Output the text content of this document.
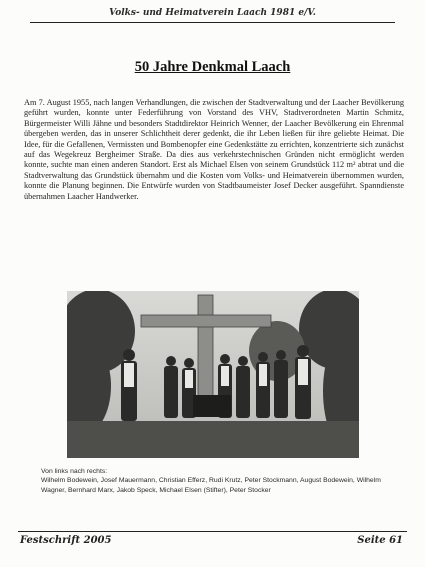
Volks- und Heimatverein Laach 1981 e/V.
50 Jahre Denkmal Laach
Am 7. August 1955, nach langen Verhandlungen, die zwischen der Stadtverwaltung und der Laacher Bevölkerung geführt wurden, konnte unter Federführung von Vorstand des VHV, Stadtverordneten Martin Schmitz, Bürgermeister Willi Jähne und besonders Stadtdirektor Heinrich Wenner, der Laacher Bevölkerung ein Ehrenmal übergeben werden, das in unserer Schlichtheit derer gedenkt, die ihr Leben ließen für ihre geliebte Heimat. Die Idee, für die Gefallenen, Vermissten und Bombenopfer eine Gedenkstätte zu errichten, konzentrierte sich zunächst auf das Wegekreuz Bergheimer Straße. Da dies aus verkehrstechnischen Gründen nicht ermöglicht werden konnte, suchte man einen anderen Standort. Erst als Michael Elsen von seinem Grundstück 112 m² abtrat und die Stadtverwaltung das Grundstück übernahm und die Kosten vom Volks- und Heimatverein übernommen wurden, konnte die Planung beginnen. Die Entwürfe wurden von Stadtbaumeister Josef Decker ausgeführt. Spanndienste übernahmen Laacher Handwerker.

Von links nach rechts:

Wilhelm Bodewein, Josef Mauermann, Christian Efferz, Rudi Krutz, Peter Stockmann, August Bodewein, Wilhelm Wagner, Bernhard Marx, Jakob Speck, Michael Elsen (Stifter), Peter Stocker

Festschrift 2005	Seite 61
